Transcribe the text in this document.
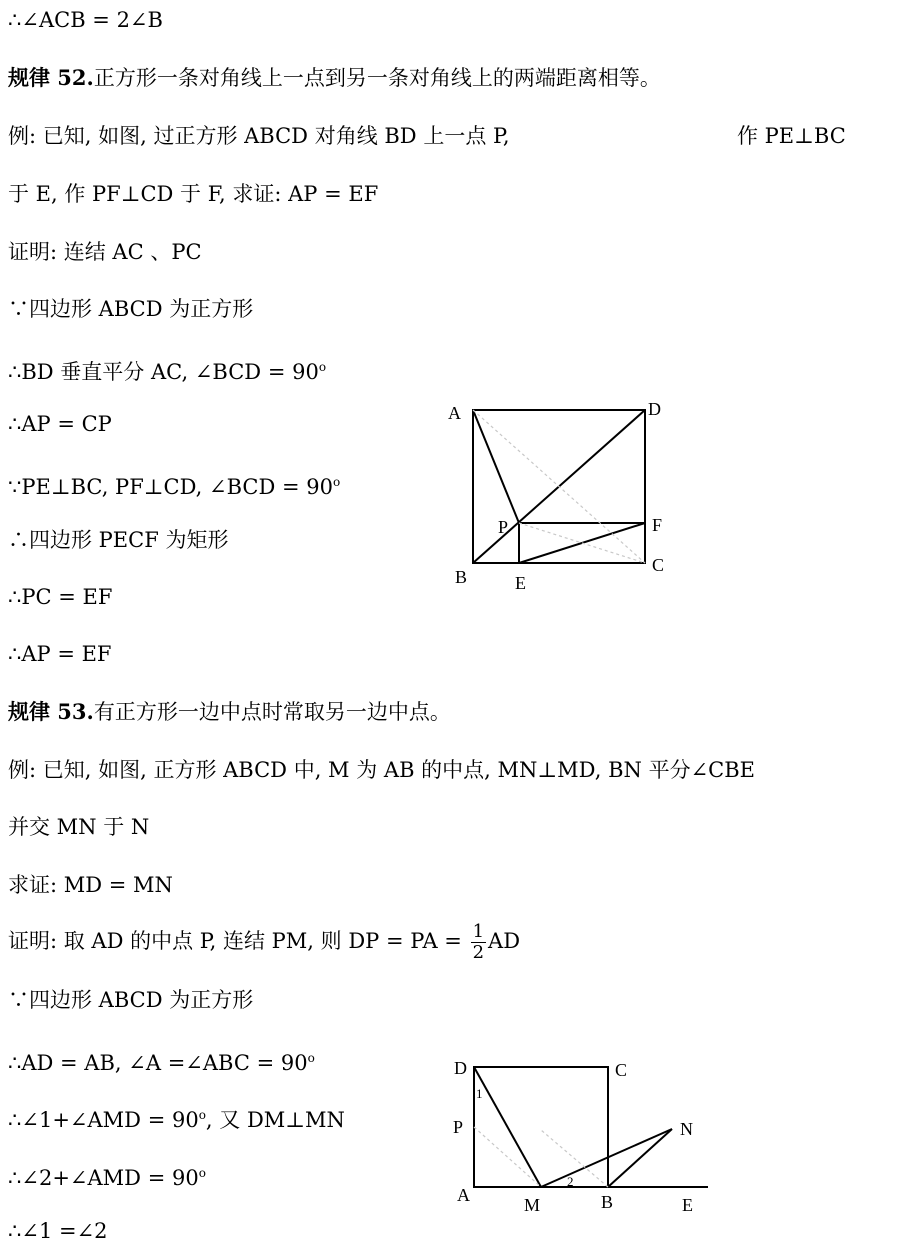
∴∠ACB = 2∠B
规律 52.正方形一条对角线上一点到另一条对角线上的两端距离相等。
例: 已知, 如图, 过正方形 ABCD 对角线 BD 上一点 P,	作 PE⊥BC
于 E, 作 PF⊥CD 于 F, 求证: AP = EF
证明: 连结 AC 、PC
∵四边形 ABCD 为正方形
∴BD 垂直平分 AC, ∠BCD = $90^o$
∴AP = CP
∵PE⊥BC, PF⊥CD, ∠BCD = $90^o$
∴四边形 PECF 为矩形
∴PC = EF
∴AP = EF
规律 53.有正方形一边中点时常取另一边中点。
例: 已知, 如图, 正方形 ABCD 中, M 为 AB 的中点, MN⊥MD, BN 平分∠CBE
并交 MN 于 N
求证: MD = MN
证明: 取 AD 的中点 P, 连结 PM, 则 DP = PA = $\frac{1}{2}$ AD
∵四边形 ABCD 为正方形
∴AD = AB, ∠A =∠ABC = $90^o$
∴∠1+∠AMD = $90^o$, 又 DM⊥MN
∴∠2+∠AMD = $90^o$
∴∠1 =∠2
A	D
P	F
B	E
C
D	C
1
P	N
A	M
2
B	E
